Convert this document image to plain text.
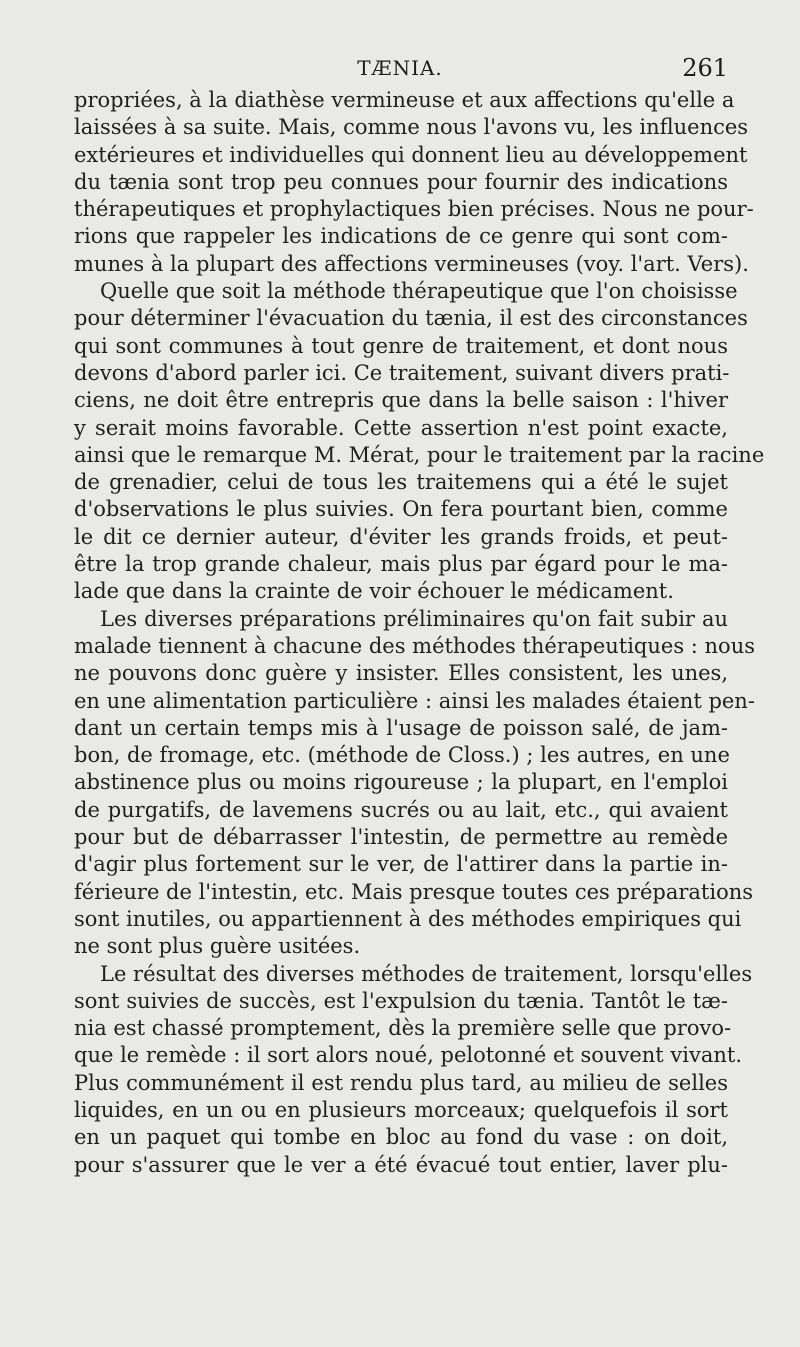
TÆNIA.	261
propriées, à la diathèse vermineuse et aux affections qu'elle a
laissées à sa suite. Mais, comme nous l'avons vu, les influences
extérieures et individuelles qui donnent lieu au développement
du tænia sont trop peu connues pour fournir des indications
thérapeutiques et prophylactiques bien précises. Nous ne pour-
rions que rappeler les indications de ce genre qui sont com-
munes à la plupart des affections vermineuses (voy. l'art. Vers).
Quelle que soit la méthode thérapeutique que l'on choisisse
pour déterminer l'évacuation du tænia, il est des circonstances
qui sont communes à tout genre de traitement, et dont nous
devons d'abord parler ici. Ce traitement, suivant divers prati-
ciens, ne doit être entrepris que dans la belle saison : l'hiver
y serait moins favorable. Cette assertion n'est point exacte,
ainsi que le remarque M. Mérat, pour le traitement par la racine
de grenadier, celui de tous les traitemens qui a été le sujet
d'observations le plus suivies. On fera pourtant bien, comme
le dit ce dernier auteur, d'éviter les grands froids, et peut-
être la trop grande chaleur, mais plus par égard pour le ma-
lade que dans la crainte de voir échouer le médicament.
Les diverses préparations préliminaires qu'on fait subir au
malade tiennent à chacune des méthodes thérapeutiques : nous
ne pouvons donc guère y insister. Elles consistent, les unes,
en une alimentation particulière : ainsi les malades étaient pen-
dant un certain temps mis à l'usage de poisson salé, de jam-
bon, de fromage, etc. (méthode de Closs.) ; les autres, en une
abstinence plus ou moins rigoureuse ; la plupart, en l'emploi
de purgatifs, de lavemens sucrés ou au lait, etc., qui avaient
pour but de débarrasser l'intestin, de permettre au remède
d'agir plus fortement sur le ver, de l'attirer dans la partie in-
férieure de l'intestin, etc. Mais presque toutes ces préparations
sont inutiles, ou appartiennent à des méthodes empiriques qui
ne sont plus guère usitées.
Le résultat des diverses méthodes de traitement, lorsqu'elles
sont suivies de succès, est l'expulsion du tænia. Tantôt le tæ-
nia est chassé promptement, dès la première selle que provo-
que le remède : il sort alors noué, pelotonné et souvent vivant.
Plus communément il est rendu plus tard, au milieu de selles
liquides, en un ou en plusieurs morceaux; quelquefois il sort
en un paquet qui tombe en bloc au fond du vase : on doit,
pour s'assurer que le ver a été évacué tout entier, laver plu-
